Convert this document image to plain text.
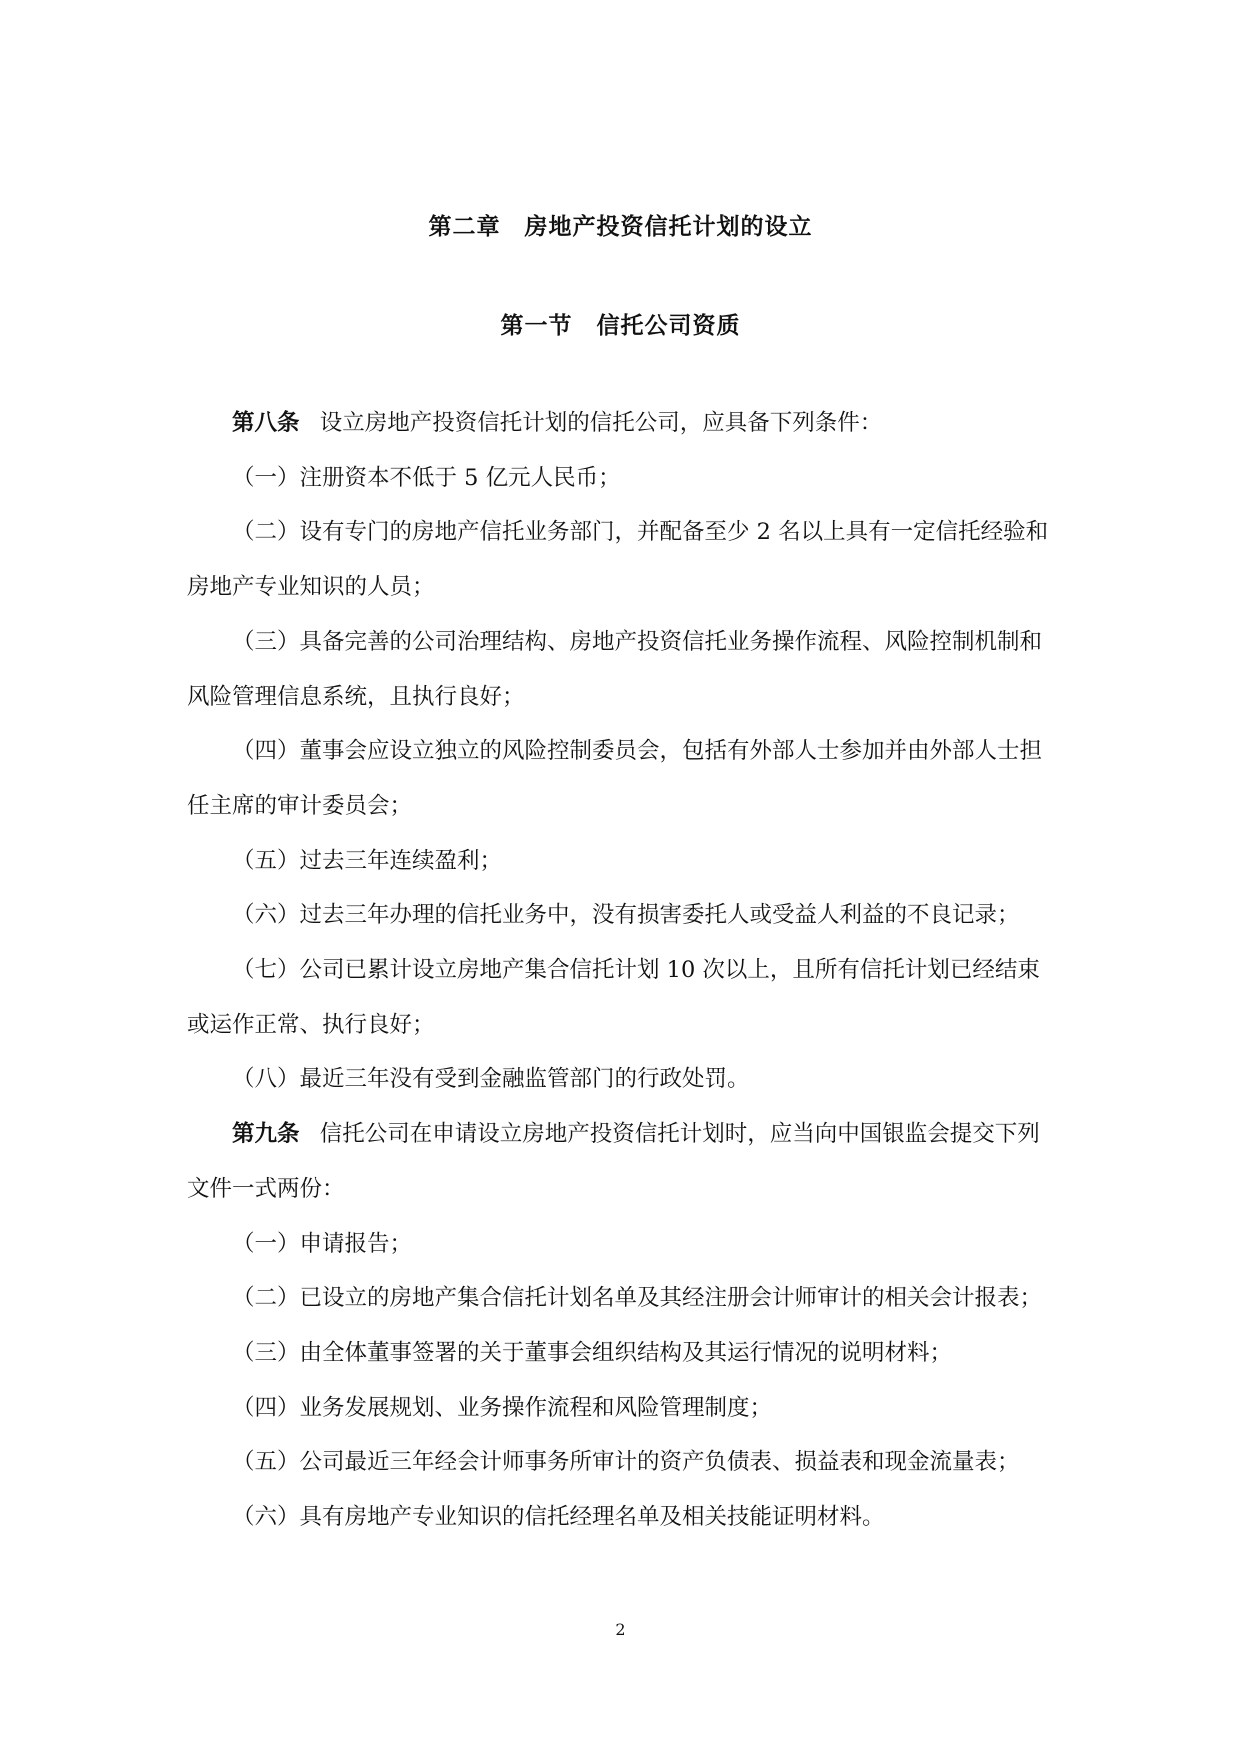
第二章　房地产投资信托计划的设立
第一节　信托公司资质

第八条 设立房地产投资信托计划的信托公司，应具备下列条件：

（一）注册资本不低于 5 亿元人民币；

（二）设有专门的房地产信托业务部门，并配备至少 2 名以上具有一定信托经验和房地产专业知识的人员；

（三）具备完善的公司治理结构、房地产投资信托业务操作流程、风险控制机制和风险管理信息系统，且执行良好；

（四）董事会应设立独立的风险控制委员会，包括有外部人士参加并由外部人士担任主席的审计委员会；

（五）过去三年连续盈利；

（六）过去三年办理的信托业务中，没有损害委托人或受益人利益的不良记录；

（七）公司已累计设立房地产集合信托计划 10 次以上，且所有信托计划已经结束或运作正常、执行良好；

（八）最近三年没有受到金融监管部门的行政处罚。

第九条 信托公司在申请设立房地产投资信托计划时，应当向中国银监会提交下列文件一式两份：

（一）申请报告；

（二）已设立的房地产集合信托计划名单及其经注册会计师审计的相关会计报表；

（三）由全体董事签署的关于董事会组织结构及其运行情况的说明材料；

（四）业务发展规划、业务操作流程和风险管理制度；

（五）公司最近三年经会计师事务所审计的资产负债表、损益表和现金流量表；

（六）具有房地产专业知识的信托经理名单及相关技能证明材料。

2
